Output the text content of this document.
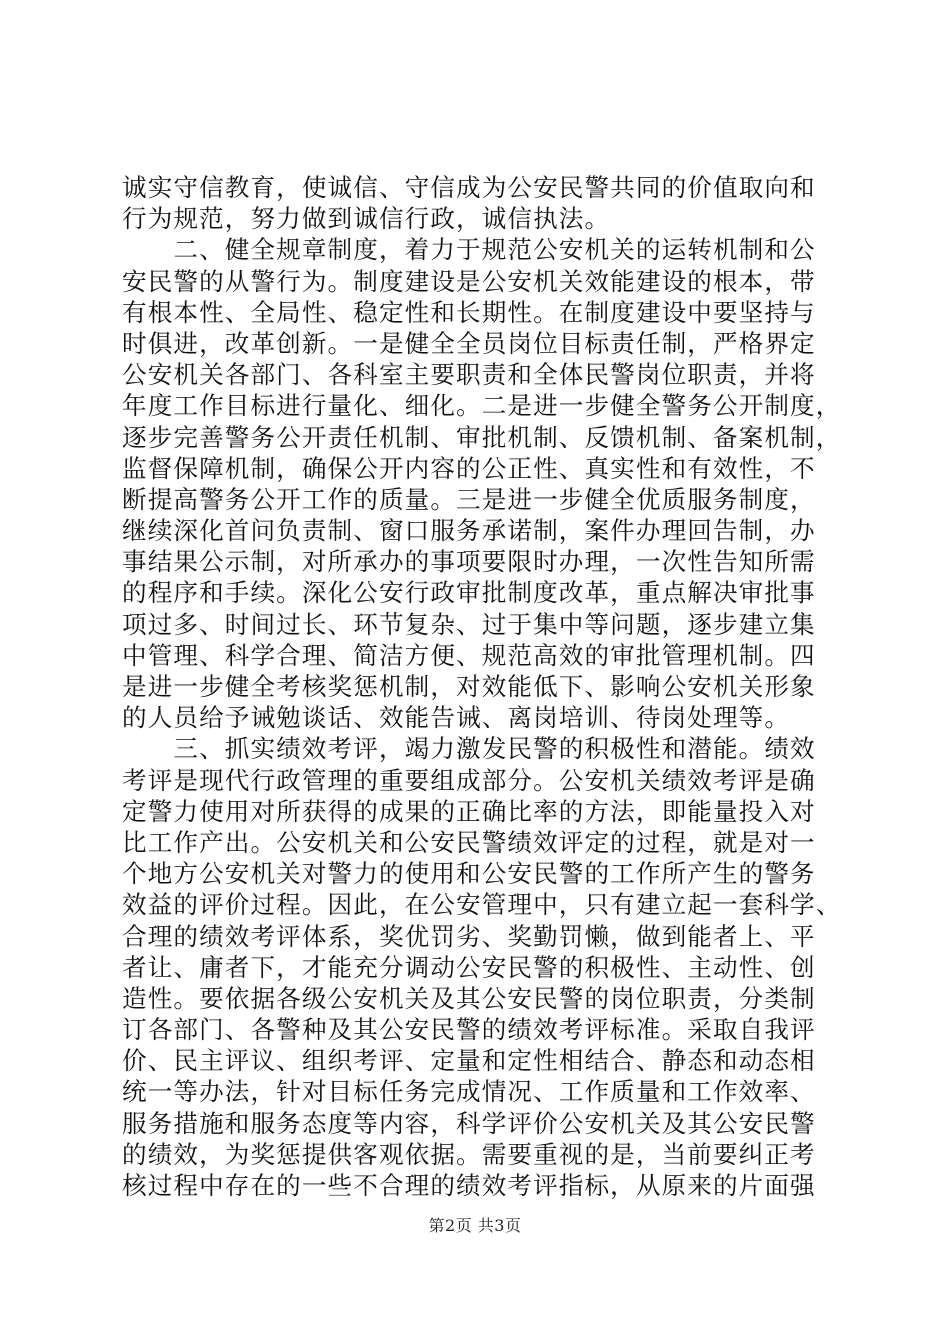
诚实守信教育，使诚信、守信成为公安民警共同的价值取向和
行为规范，努力做到诚信行政，诚信执法。
　　二、健全规章制度，着力于规范公安机关的运转机制和公
安民警的从警行为。制度建设是公安机关效能建设的根本，带
有根本性、全局性、稳定性和长期性。在制度建设中要坚持与
时俱进，改革创新。一是健全全员岗位目标责任制，严格界定
公安机关各部门、各科室主要职责和全体民警岗位职责，并将
年度工作目标进行量化、细化。二是进一步健全警务公开制度，
逐步完善警务公开责任机制、审批机制、反馈机制、备案机制，
监督保障机制，确保公开内容的公正性、真实性和有效性，不
断提高警务公开工作的质量。三是进一步健全优质服务制度，
继续深化首问负责制、窗口服务承诺制，案件办理回告制，办
事结果公示制，对所承办的事项要限时办理，一次性告知所需
的程序和手续。深化公安行政审批制度改革，重点解决审批事
项过多、时间过长、环节复杂、过于集中等问题，逐步建立集
中管理、科学合理、简洁方便、规范高效的审批管理机制。四
是进一步健全考核奖惩机制，对效能低下、影响公安机关形象
的人员给予诫勉谈话、效能告诫、离岗培训、待岗处理等。
　　三、抓实绩效考评，竭力激发民警的积极性和潜能。绩效
考评是现代行政管理的重要组成部分。公安机关绩效考评是确
定警力使用对所获得的成果的正确比率的方法，即能量投入对
比工作产出。公安机关和公安民警绩效评定的过程，就是对一
个地方公安机关对警力的使用和公安民警的工作所产生的警务
效益的评价过程。因此，在公安管理中，只有建立起一套科学、
合理的绩效考评体系，奖优罚劣、奖勤罚懒，做到能者上、平
者让、庸者下，才能充分调动公安民警的积极性、主动性、创
造性。要依据各级公安机关及其公安民警的岗位职责，分类制
订各部门、各警种及其公安民警的绩效考评标准。采取自我评
价、民主评议、组织考评、定量和定性相结合、静态和动态相
统一等办法，针对目标任务完成情况、工作质量和工作效率、
服务措施和服务态度等内容，科学评价公安机关及其公安民警
的绩效，为奖惩提供客观依据。需要重视的是，当前要纠正考
核过程中存在的一些不合理的绩效考评指标，从原来的片面强
第2页 共3页
